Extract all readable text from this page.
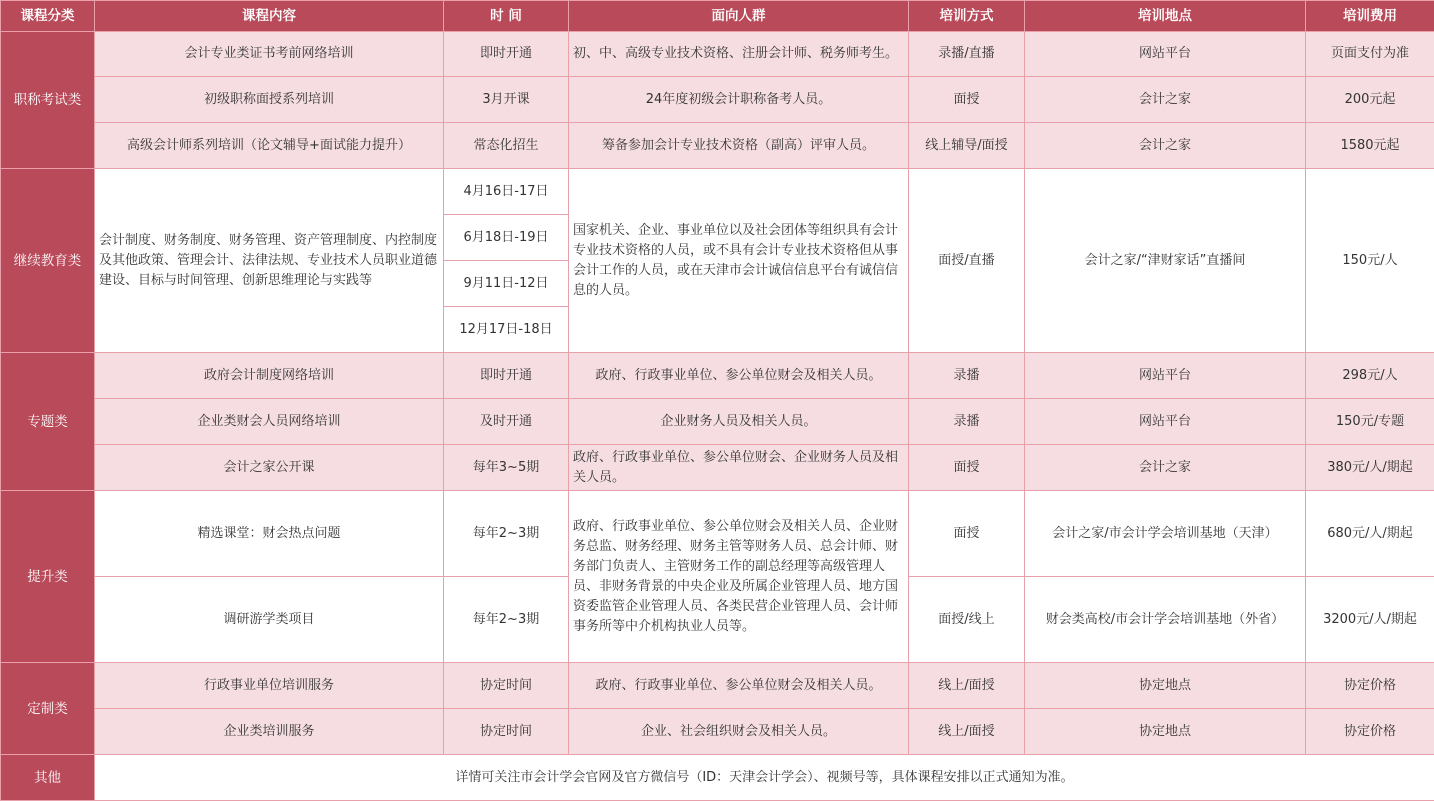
课程分类	课程内容	时 间	面向人群	培训方式	培训地点	培训费用
职称考试类	会计专业类证书考前网络培训	即时开通	初、中、高级专业技术资格、注册会计师、税务师考生。	录播/直播	网站平台	页面支付为准
	初级职称面授系列培训	3月开课	24年度初级会计职称备考人员。	面授	会计之家	200元起
	高级会计师系列培训（论文辅导+面试能力提升）	常态化招生	筹备参加会计专业技术资格（副高）评审人员。	线上辅导/面授	会计之家	1580元起
继续教育类	会计制度、财务制度、财务管理、资产管理制度、内控制度及其他政策、管理会计、法律法规、专业技术人员职业道德建设、目标与时间管理、创新思维理论与实践等	4月16日-17日	国家机关、企业、事业单位以及社会团体等组织具有会计专业技术资格的人员，或不具有会计专业技术资格但从事会计工作的人员，或在天津市会计诚信信息平台有诚信信息的人员。	面授/直播	会计之家/“津财家话”直播间	150元/人
		6月18日-19日				
		9月11日-12日				
		12月17日-18日				
专题类	政府会计制度网络培训	即时开通	政府、行政事业单位、参公单位财会及相关人员。	录播	网站平台	298元/人
	企业类财会人员网络培训	及时开通	企业财务人员及相关人员。	录播	网站平台	150元/专题
	会计之家公开课	每年3~5期	政府、行政事业单位、参公单位财会、企业财务人员及相关人员。	面授	会计之家	380元/人/期起
提升类	精选课堂：财会热点问题	每年2~3期	政府、行政事业单位、参公单位财会及相关人员、企业财务总监、财务经理、财务主管等财务人员、总会计师、财务部门负责人、主管财务工作的副总经理等高级管理人员、非财务背景的中央企业及所属企业管理人员、地方国资委监管企业管理人员、各类民营企业管理人员、会计师事务所等中介机构执业人员等。	面授	会计之家/市会计学会培训基地（天津）	680元/人/期起
	调研游学类项目	每年2~3期		面授/线上	财会类高校/市会计学会培训基地（外省）	3200元/人/期起
定制类	行政事业单位培训服务	协定时间	政府、行政事业单位、参公单位财会及相关人员。	线上/面授	协定地点	协定价格
	企业类培训服务	协定时间	企业、社会组织财会及相关人员。	线上/面授	协定地点	协定价格
其他	详情可关注市会计学会官网及官方微信号（ID：天津会计学会）、视频号等，具体课程安排以正式通知为准。					
